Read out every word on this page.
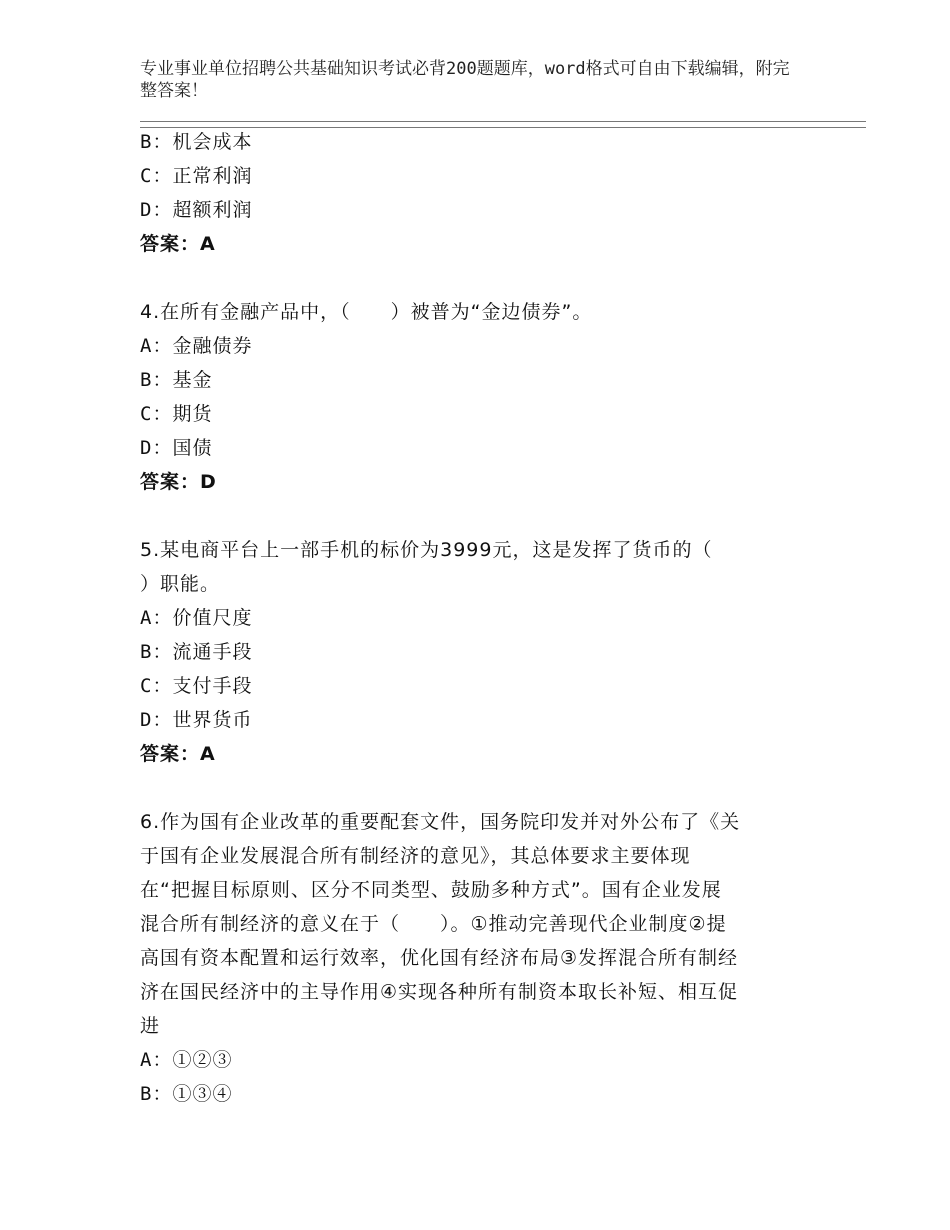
专业事业单位招聘公共基础知识考试必背200题题库，word格式可自由下载编辑，附完整答案！

B：机会成本

C：正常利润

D：超额利润

答案：A

4.在所有金融产品中，（　　）被普为“金边债券”。

A：金融债券

B：基金

C：期货

D：国债

答案：D

5.某电商平台上一部手机的标价为3999元，这是发挥了货币的（

）职能。

A：价值尺度

B：流通手段

C：支付手段

D：世界货币

答案：A

6.作为国有企业改革的重要配套文件，国务院印发并对外公布了《关

于国有企业发展混合所有制经济的意见》，其总体要求主要体现

在“把握目标原则、区分不同类型、鼓励多种方式”。国有企业发展

混合所有制经济的意义在于（　　）。①推动完善现代企业制度②提

高国有资本配置和运行效率，优化国有经济布局③发挥混合所有制经

济在国民经济中的主导作用④实现各种所有制资本取长补短、相互促

进

A：①②③

B：①③④
